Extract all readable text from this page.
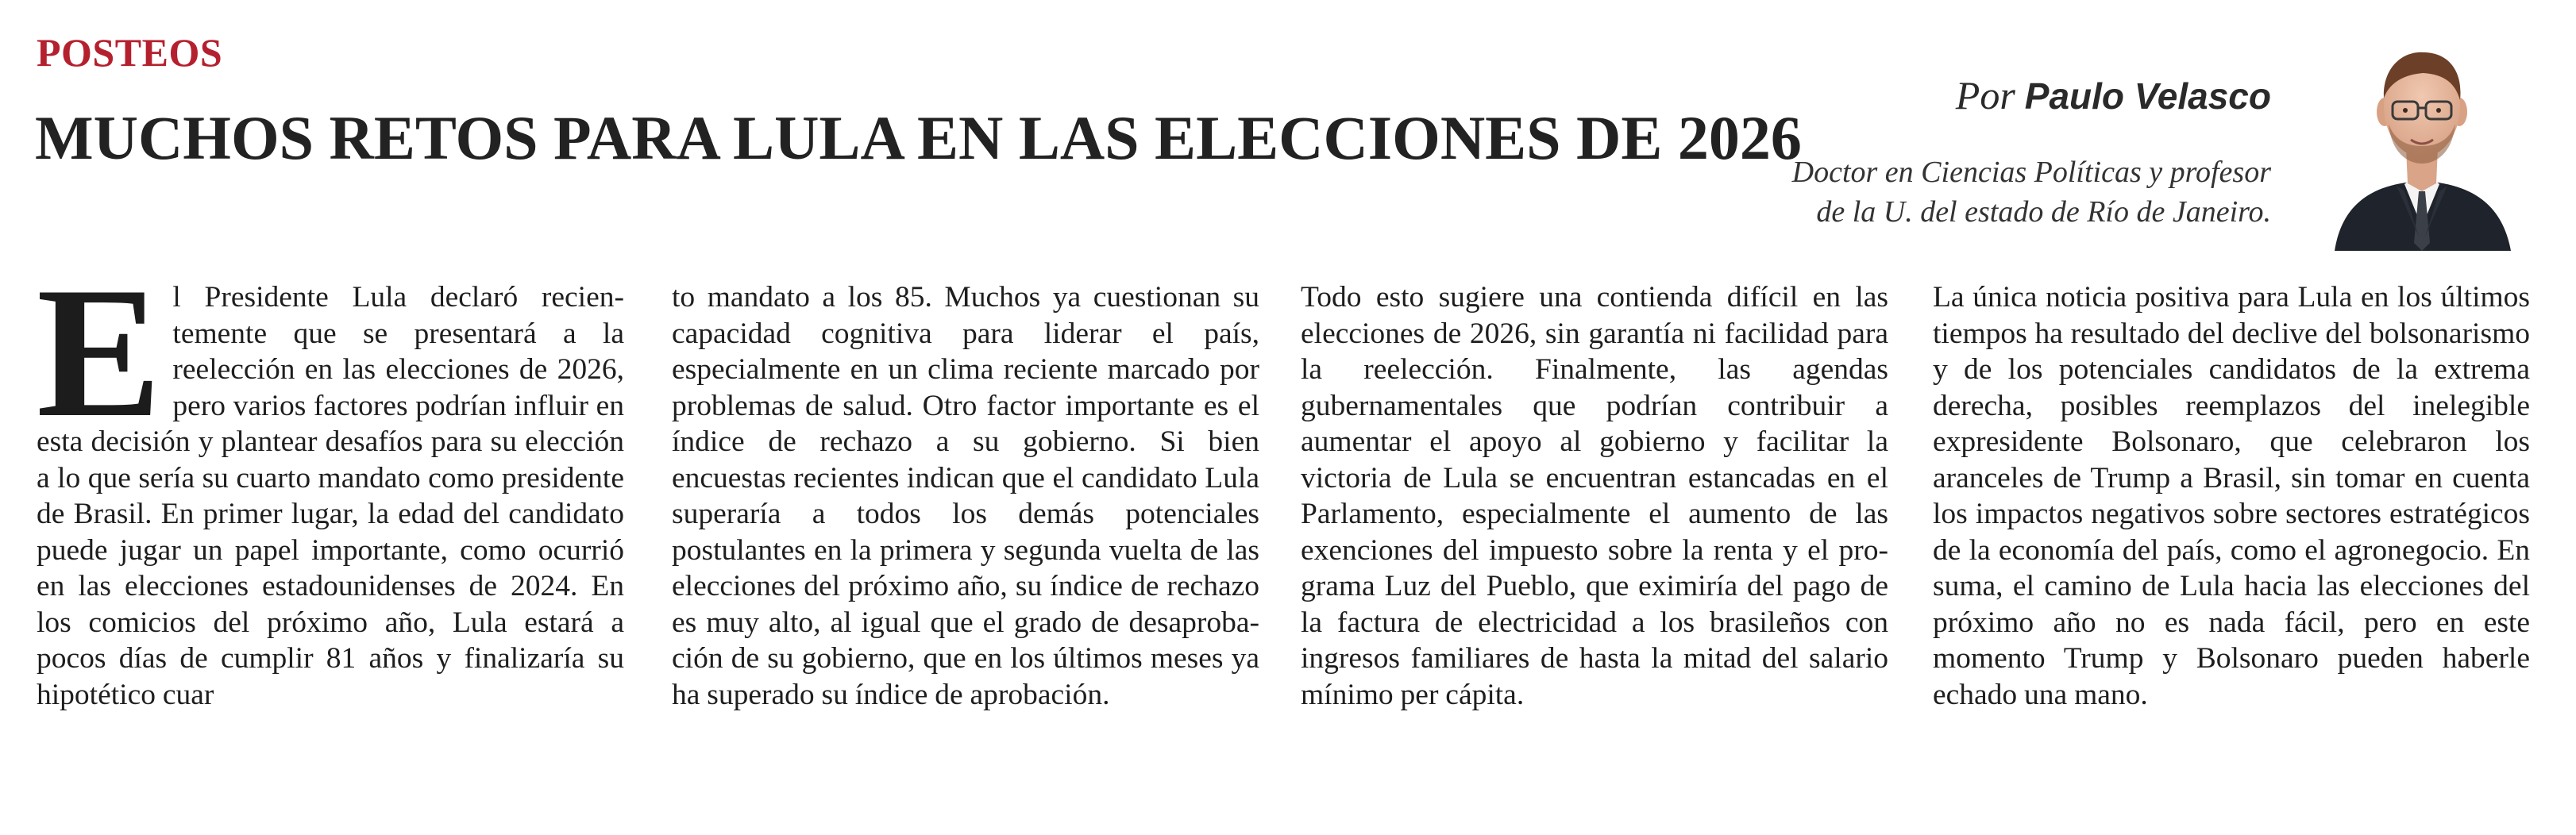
POSTEOS
MUCHOS RETOS PARA LULA EN LAS ELECCIONES DE 2026
Por Paulo Velasco

Doctor en Ciencias Políticas y profesor
de la U. del estado de Río de Janeiro.

El Presidente Lula declaró recientemente que se presentará a la reelección en las elecciones de 2026, pero varios factores podrían influir en esta decisión y plantear desafíos para su elección a lo que sería su cuarto mandato como presidente de Brasil. En primer lugar, la edad del candidato puede jugar un papel importante, como ocurrió en las elecciones estadounidenses de 2024. En los comicios del próximo año, Lula estará a pocos días de cumplir 81 años y finalizaría su hipotético cuar

to mandato a los 85. Muchos ya cuestionan su capacidad cognitiva para liderar el país, especialmente en un clima reciente marcado por problemas de salud. Otro factor importante es el índice de rechazo a su gobierno. Si bien encuestas recientes indican que el candidato Lula superaría a todos los demás potenciales postulantes en la primera y segunda vuelta de las elecciones del próximo año, su índice de rechazo es muy alto, al igual que el grado de desaprobación de su gobierno, que en los últimos meses ya ha superado su índice de aprobación.

Todo esto sugiere una contienda difícil en las elecciones de 2026, sin garantía ni facilidad para la reelección. Finalmente, las agendas gubernamentales que podrían contribuir a aumentar el apoyo al gobierno y facilitar la victoria de Lula se encuentran estancadas en el Parlamento, especialmente el aumento de las exenciones del impuesto sobre la renta y el programa Luz del Pueblo, que eximiría del pago de la factura de electricidad a los brasileños con ingresos familiares de hasta la mitad del salario mínimo per cápita.

La única noticia positiva para Lula en los últimos tiempos ha resultado del declive del bolsonarismo y de los potenciales candidatos de la extrema derecha, posibles reemplazos del inelegible expresidente Bolsonaro, que celebraron los aranceles de Trump a Brasil, sin tomar en cuenta los impactos negativos sobre sectores estratégicos de la economía del país, como el agronegocio. En suma, el camino de Lula hacia las elecciones del próximo año no es nada fácil, pero en este momento Trump y Bolsonaro pueden haberle echado una mano.
